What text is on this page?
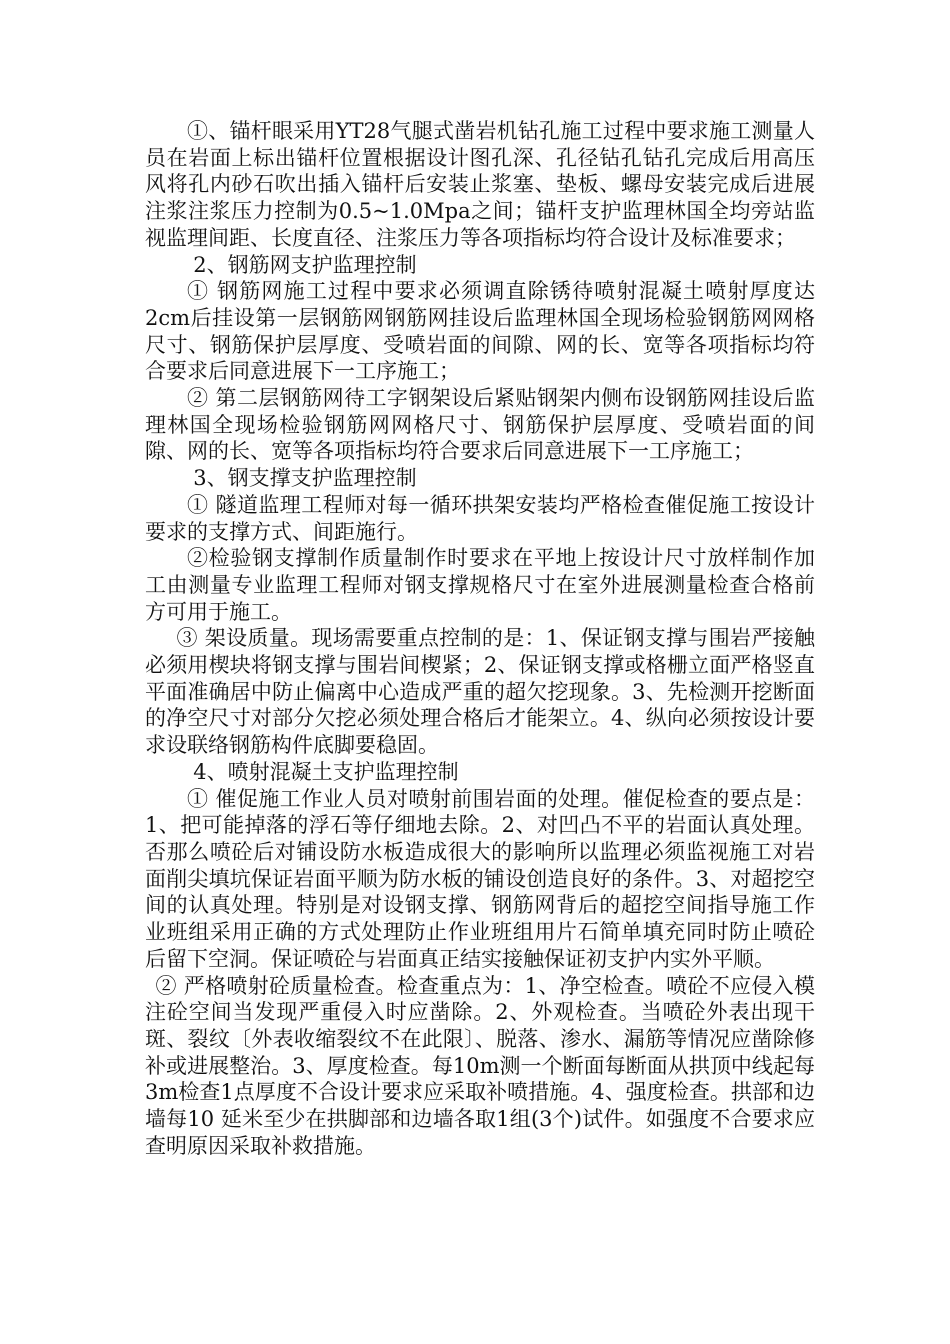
①、锚杆眼采用YT28气腿式凿岩机钻孔施工过程中要求施工测量人员在岩面上标出锚杆位置根据设计图孔深、孔径钻孔钻孔完成后用高压风将孔内砂石吹出插入锚杆后安装止浆塞、垫板、螺母安装完成后进展注浆注浆压力控制为0.5~1.0Mpa之间；锚杆支护监理林国全均旁站监视监理间距、长度直径、注浆压力等各项指标均符合设计及标准要求；

2、钢筋网支护监理控制

① 钢筋网施工过程中要求必须调直除锈待喷射混凝土喷射厚度达2cm后挂设第一层钢筋网钢筋网挂设后监理林国全现场检验钢筋网网格尺寸、钢筋保护层厚度、受喷岩面的间隙、网的长、宽等各项指标均符合要求后同意进展下一工序施工；

② 第二层钢筋网待工字钢架设后紧贴钢架内侧布设钢筋网挂设后监理林国全现场检验钢筋网网格尺寸、钢筋保护层厚度、受喷岩面的间隙、网的长、宽等各项指标均符合要求后同意进展下一工序施工；

3、钢支撑支护监理控制

① 隧道监理工程师对每一循环拱架安装均严格检查催促施工按设计要求的支撑方式、间距施行。

②检验钢支撑制作质量制作时要求在平地上按设计尺寸放样制作加工由测量专业监理工程师对钢支撑规格尺寸在室外进展测量检查合格前方可用于施工。

③ 架设质量。现场需要重点控制的是：1、保证钢支撑与围岩严接触必须用楔块将钢支撑与围岩间楔紧；2、保证钢支撑或格栅立面严格竖直平面准确居中防止偏离中心造成严重的超欠挖现象。3、先检测开挖断面的净空尺寸对部分欠挖必须处理合格后才能架立。4、纵向必须按设计要求设联络钢筋构件底脚要稳固。

4、喷射混凝土支护监理控制

① 催促施工作业人员对喷射前围岩面的处理。催促检查的要点是：1、把可能掉落的浮石等仔细地去除。2、对凹凸不平的岩面认真处理。否那么喷砼后对铺设防水板造成很大的影响所以监理必须监视施工对岩面削尖填坑保证岩面平顺为防水板的铺设创造良好的条件。3、对超挖空间的认真处理。特别是对设钢支撑、钢筋网背后的超挖空间指导施工作业班组采用正确的方式处理防止作业班组用片石简单填充同时防止喷砼后留下空洞。保证喷砼与岩面真正结实接触保证初支护内实外平顺。

② 严格喷射砼质量检查。检查重点为：1、净空检查。喷砼不应侵入模注砼空间当发现严重侵入时应凿除。2、外观检查。当喷砼外表出现干斑、裂纹〔外表收缩裂纹不在此限〕、脱落、渗水、漏筋等情况应凿除修补或进展整治。3、厚度检查。每10m测一个断面每断面从拱顶中线起每3m检查1点厚度不合设计要求应采取补喷措施。4、强度检查。拱部和边墙每10 延米至少在拱脚部和边墙各取1组(3个)试件。如强度不合要求应查明原因采取补救措施。
